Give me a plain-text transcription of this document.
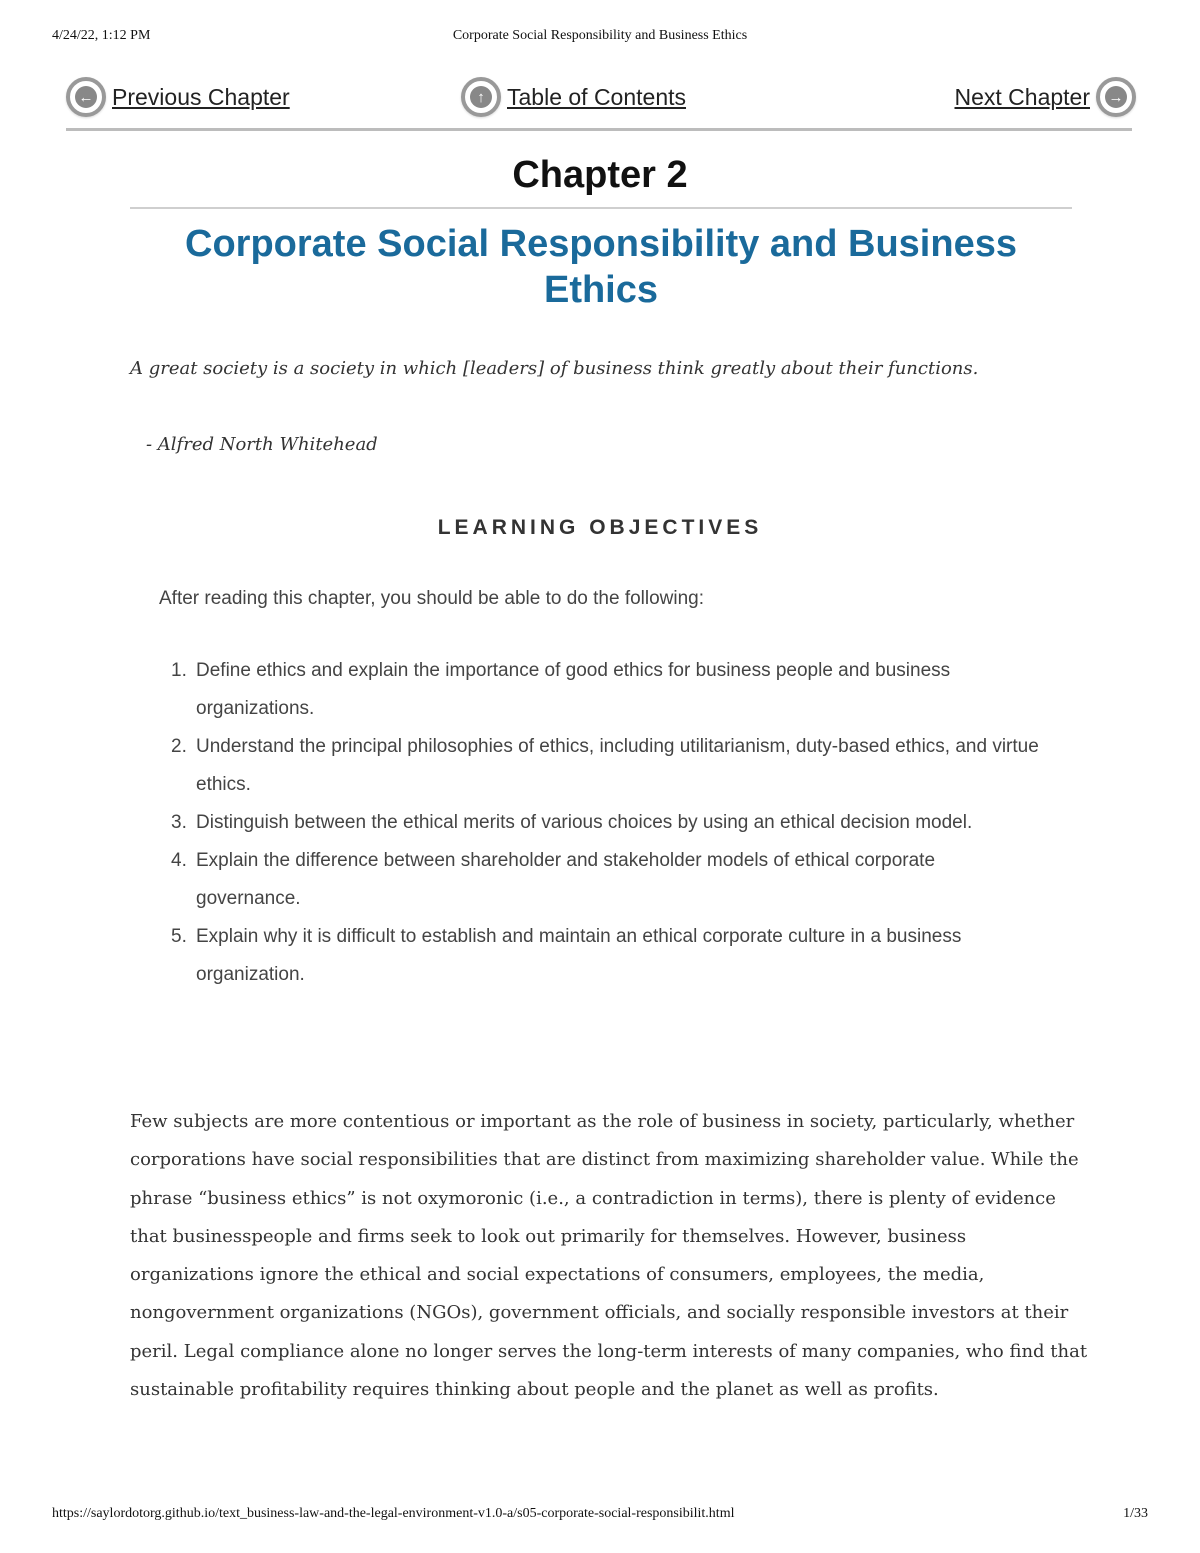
4/24/22, 1:12 PM	Corporate Social Responsibility and Business Ethics
← Previous Chapter	↑ Table of Contents	Next Chapter →
Chapter 2
Corporate Social Responsibility and Business Ethics
A great society is a society in which [leaders] of business think greatly about their functions.
- Alfred North Whitehead
LEARNING OBJECTIVES
After reading this chapter, you should be able to do the following:
1. Define ethics and explain the importance of good ethics for business people and business organizations.
2. Understand the principal philosophies of ethics, including utilitarianism, duty-based ethics, and virtue ethics.
3. Distinguish between the ethical merits of various choices by using an ethical decision model.
4. Explain the difference between shareholder and stakeholder models of ethical corporate governance.
5. Explain why it is difficult to establish and maintain an ethical corporate culture in a business organization.

Few subjects are more contentious or important as the role of business in society, particularly, whether corporations have social responsibilities that are distinct from maximizing shareholder value. While the phrase “business ethics” is not oxymoronic (i.e., a contradiction in terms), there is plenty of evidence that businesspeople and firms seek to look out primarily for themselves. However, business organizations ignore the ethical and social expectations of consumers, employees, the media, nongovernment organizations (NGOs), government officials, and socially responsible investors at their peril. Legal compliance alone no longer serves the long-term interests of many companies, who find that sustainable profitability requires thinking about people and the planet as well as profits.

https://saylordotorg.github.io/text_business-law-and-the-legal-environment-v1.0-a/s05-corporate-social-responsibilit.html	1/33
